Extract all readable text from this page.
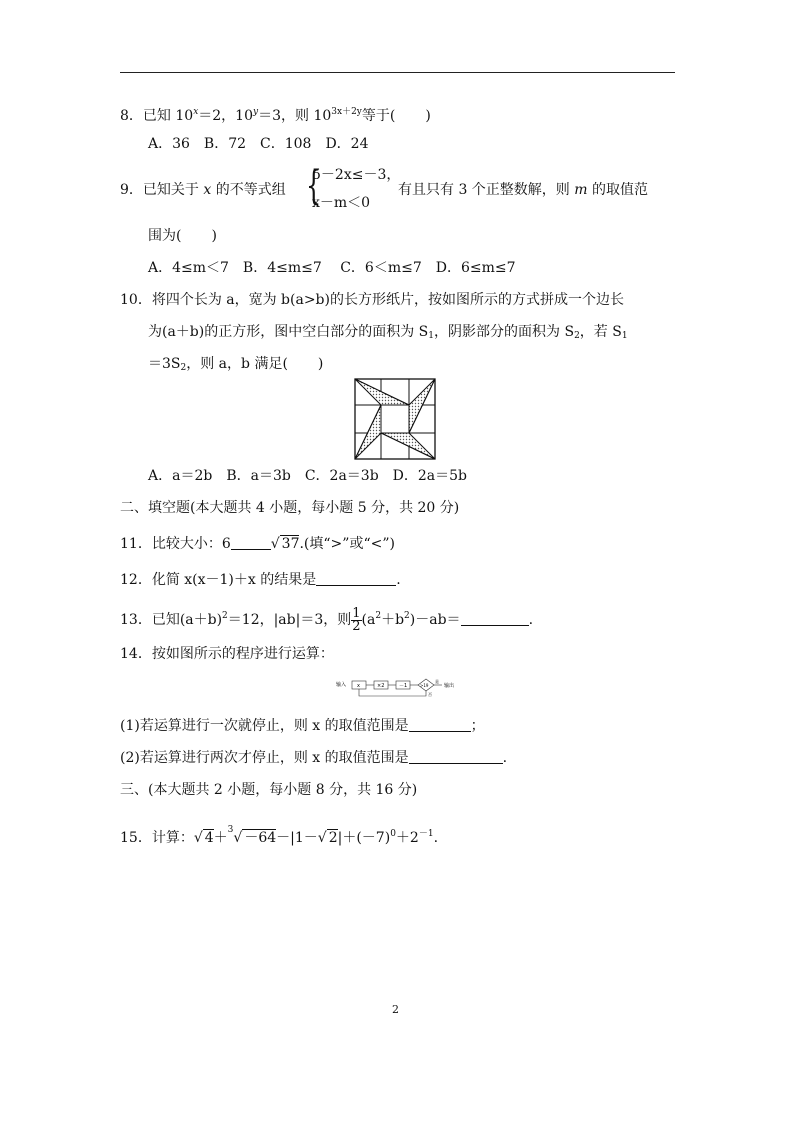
8．已知 $10^x=2$，$10^y=3$，则 $10^{3x+2y}$等于( )
A．36　B．72　C．108　D．24
9．已知关于 x 的不等式组 {
5－2x≤－3，
x－m＜0
有且只有 3 个正整数解，则 m 的取值范
围为( )
A．4≤m＜7　B．4≤m≤7　 C．6＜m≤7　D．6≤m≤7
10．将四个长为 a，宽为 b(a>b)的长方形纸片，按如图所示的方式拼成一个边长
为(a＋b)的正方形，图中空白部分的面积为 $S_1$，阴影部分的面积为 $S_2$，若 $S_1$
$=3S_2$，则 a，b 满足( )
A．a＝2b　B．a＝3b　C．2a＝3b　D．2a＝5b
二、填空题(本大题共 4 小题，每小题 5 分，共 20 分)
11．比较大小：6	√ 37.(填“>”或“<”)
12．化简 x(x－1)＋x 的结果是	.
13．已知$(a+b)^2=12$，|ab|＝3，则 $\frac{1}{2} (a^2+b^2)-ab=$	.
14．按如图所示的程序进行运算：
输入 x	×2	－1	>19
是
输出
否
(1)若运算进行一次就停止，则 x 的取值范围是	；
(2)若运算进行两次才停止，则 x 的取值范围是	.
三、(本大题共 2 小题，每小题 8 分，共 16 分)
15．计算：√ 4＋$^3$√ －64－|1－√ $2|+(-7)^0+2^{-1}$.
2
